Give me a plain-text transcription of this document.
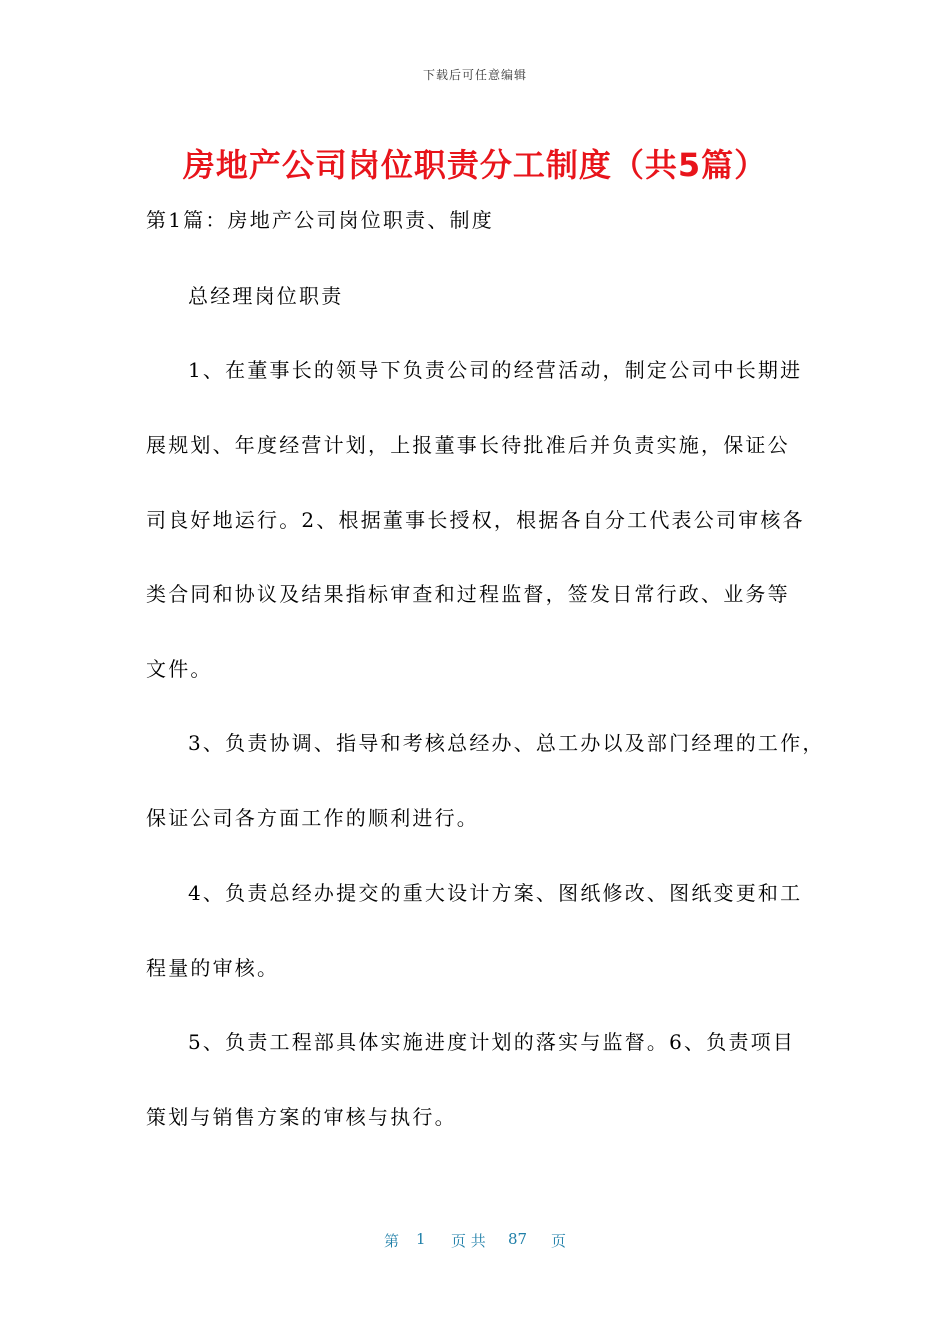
下载后可任意编辑
房地产公司岗位职责分工制度（共5篇）
第1篇：房地产公司岗位职责、制度
总经理岗位职责
1、在董事长的领导下负责公司的经营活动，制定公司中长期进
展规划、年度经营计划，上报董事长待批准后并负责实施，保证公
司良好地运行。2、根据董事长授权，根据各自分工代表公司审核各
类合同和协议及结果指标审查和过程监督，签发日常行政、业务等
文件。
3、负责协调、指导和考核总经办、总工办以及部门经理的工作，
保证公司各方面工作的顺利进行。
4、负责总经办提交的重大设计方案、图纸修改、图纸变更和工
程量的审核。
5、负责工程部具体实施进度计划的落实与监督。6、负责项目
策划与销售方案的审核与执行。
第 1 页 共 87 页
